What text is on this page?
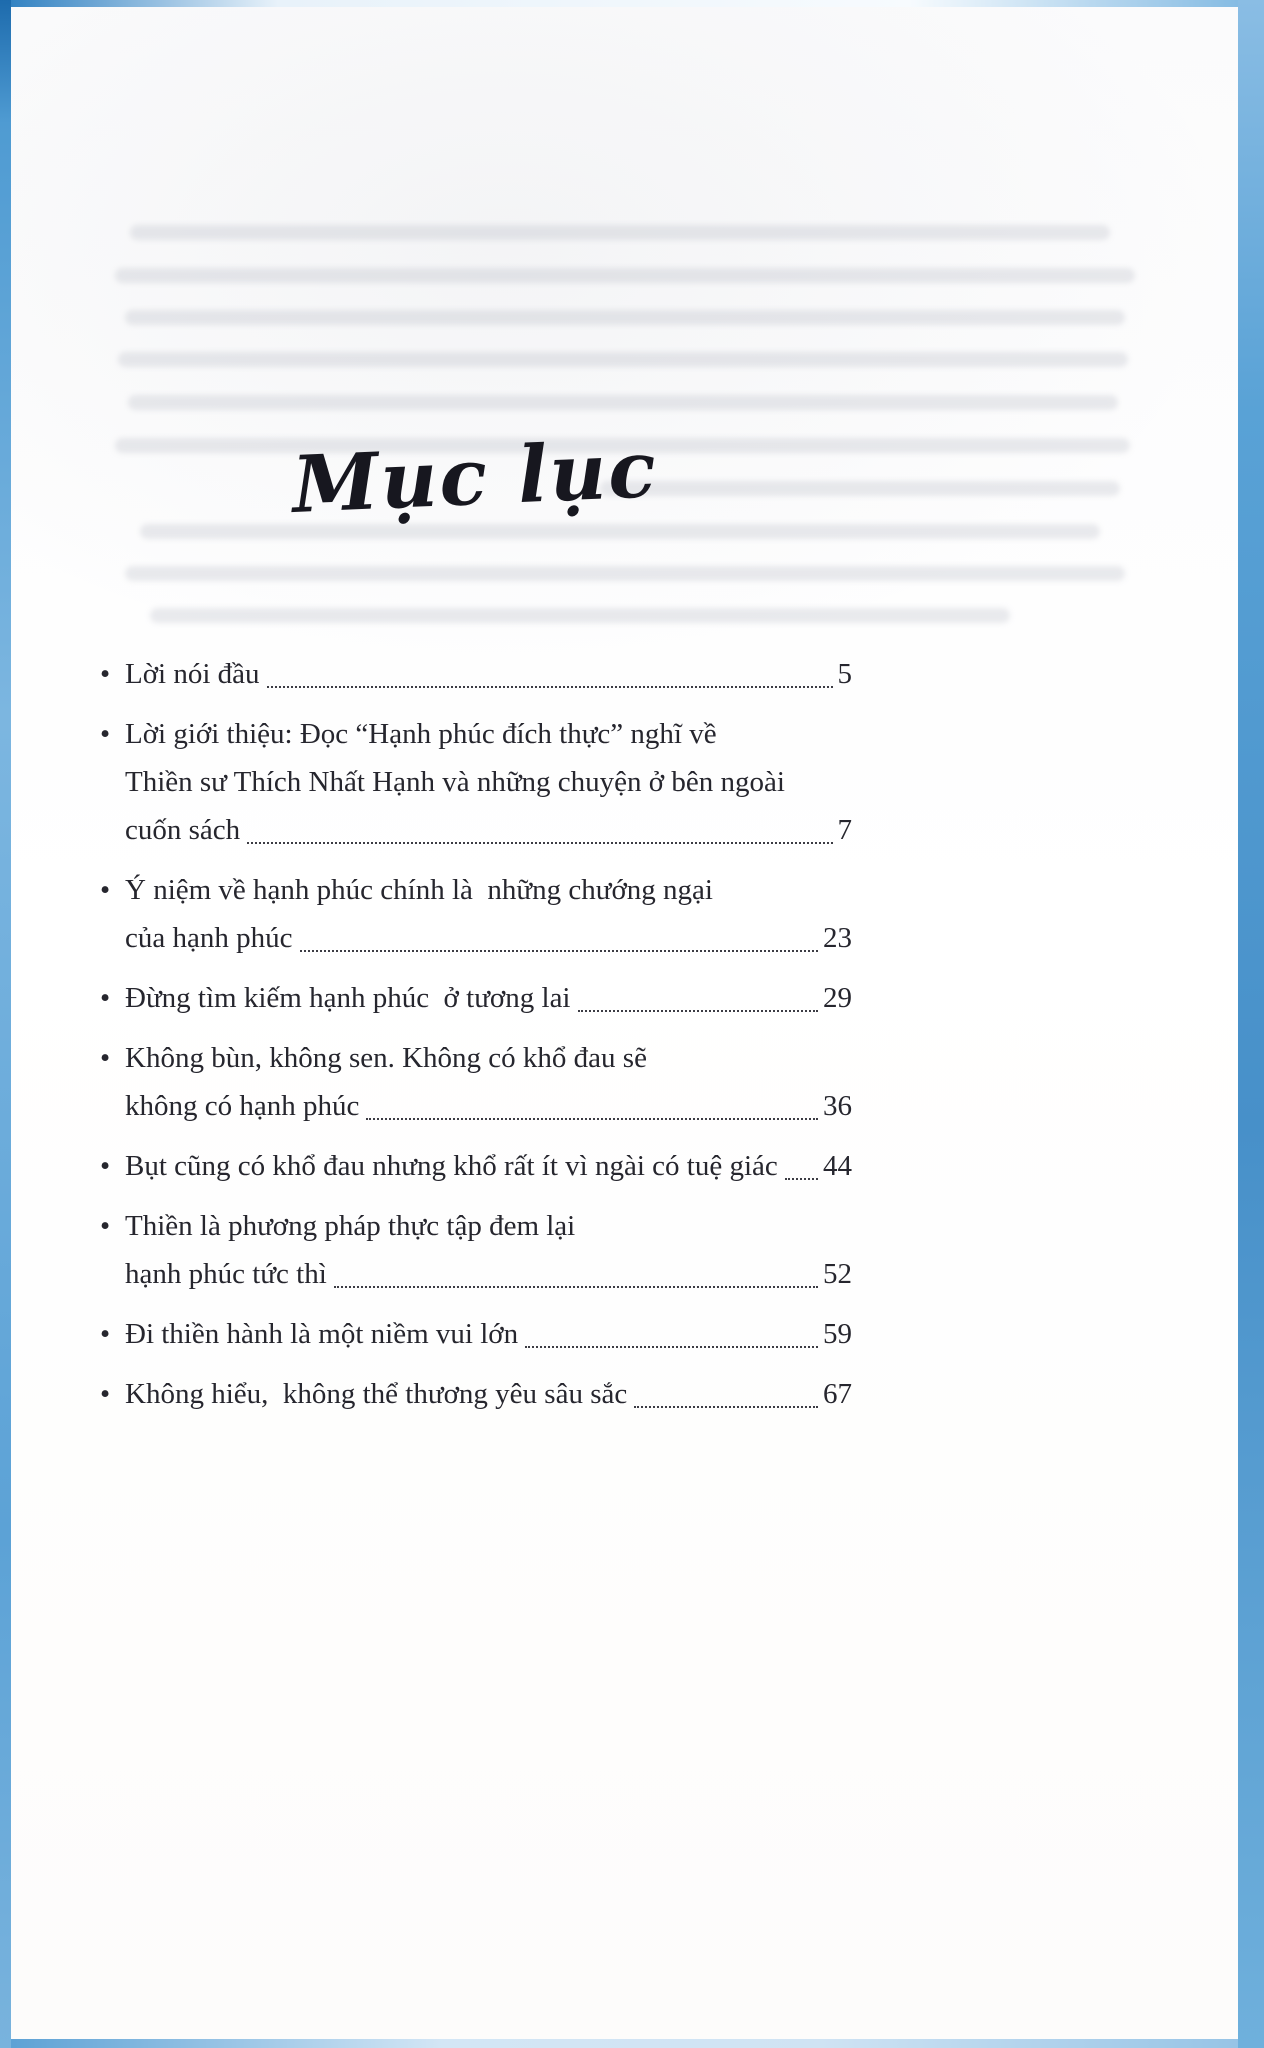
Mục lục
• Lời nói đầu	5
• Lời giới thiệu: Đọc “Hạnh phúc đích thực” nghĩ về
Thiền sư Thích Nhất Hạnh và những chuyện ở bên ngoài
cuốn sách	7
• Ý niệm về hạnh phúc chính là  những chướng ngại
của hạnh phúc	23
• Đừng tìm kiếm hạnh phúc  ở tương lai	29
• Không bùn, không sen. Không có khổ đau sẽ
không có hạnh phúc	36
• Bụt cũng có khổ đau nhưng khổ rất ít vì ngài có tuệ giác 44
• Thiền là phương pháp thực tập đem lại
hạnh phúc tức thì	52
• Đi thiền hành là một niềm vui lớn	59
• Không hiểu,  không thể thương yêu sâu sắc	67
